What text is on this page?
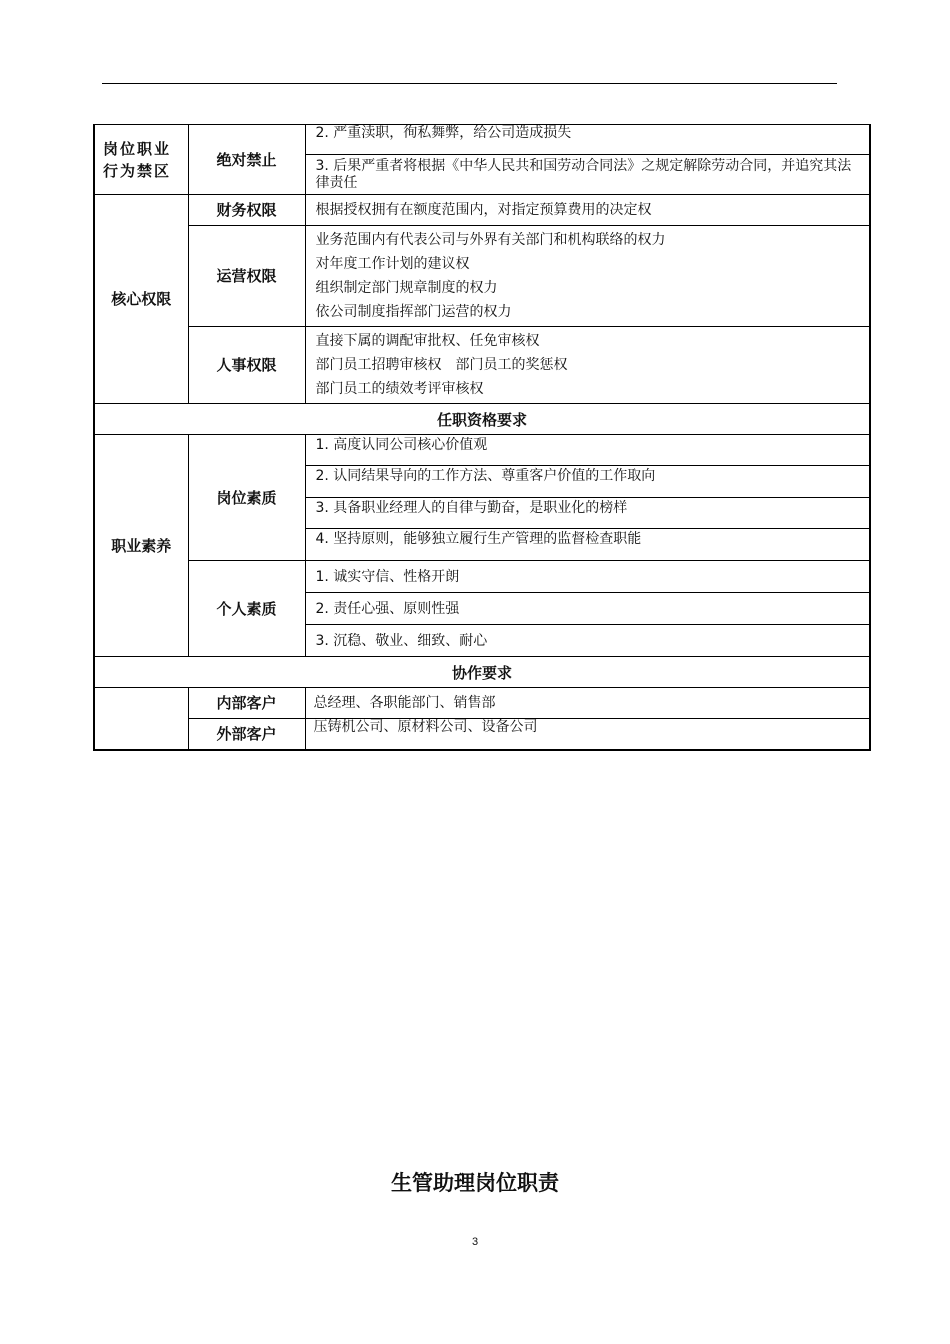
岗位职业行为禁区	绝对禁止	2. 严重渎职，徇私舞弊，给公司造成损失
		3. 后果严重者将根据《中华人民共和国劳动合同法》之规定解除劳动合同，并追究其法律责任
核心权限	财务权限	根据授权拥有在额度范围内，对指定预算费用的决定权
	运营权限	业务范围内有代表公司与外界有关部门和机构联络的权力
对年度工作计划的建议权
组织制定部门规章制度的权力
依公司制度指挥部门运营的权力

	人事权限	直接下属的调配审批权、任免审核权
部门员工招聘审核权　部门员工的奖惩权
部门员工的绩效考评审核权

任职资格要求		
职业素养	岗位素质	1. 高度认同公司核心价值观
		2. 认同结果导向的工作方法、尊重客户价值的工作取向
		3. 具备职业经理人的自律与勤奋，是职业化的榜样
		4. 坚持原则，能够独立履行生产管理的监督检查职能
	个人素质	1. 诚实守信、性格开朗
		2. 责任心强、原则性强
		3. 沉稳、敬业、细致、耐心
协作要求		
	内部客户	总经理、各职能部门、销售部
	外部客户	压铸机公司、原材料公司、设备公司
生管助理岗位职责
3
